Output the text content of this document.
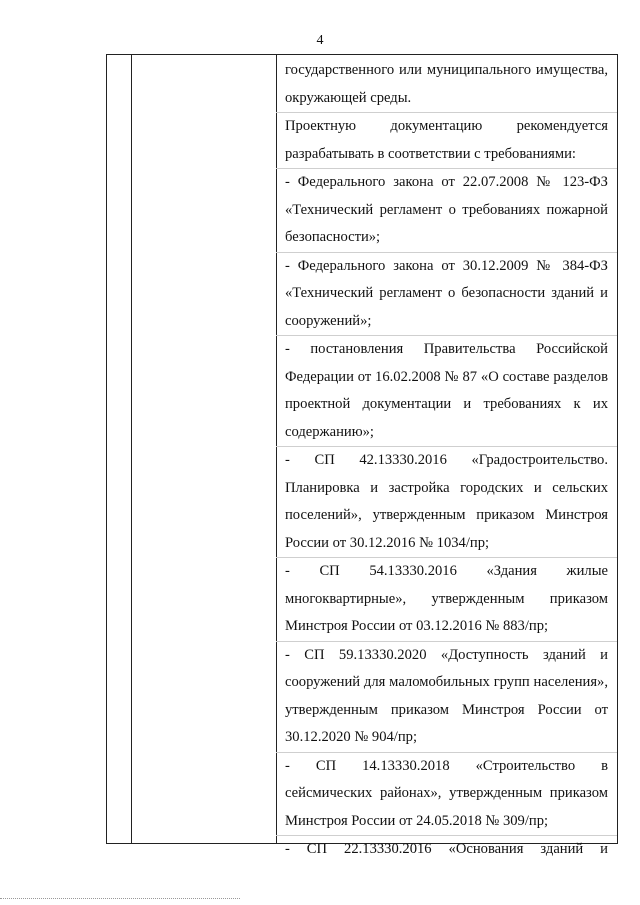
4

государственного или муниципального имущества, окружающей среды.

Проектную документацию рекомендуется разрабатывать в соответствии с требованиями:

- Федерального закона от 22.07.2008 № 123-ФЗ «Технический регламент о требованиях пожарной безопасности»;

- Федерального закона от 30.12.2009 № 384-ФЗ «Технический регламент о безопасности зданий и сооружений»;

- постановления Правительства Российской Федерации от 16.02.2008 № 87 «О составе разделов проектной документации и требованиях к их содержанию»;

- СП 42.13330.2016 «Градостроительство. Планировка и застройка городских и сельских поселений», утвержденным приказом Минстроя России от 30.12.2016 № 1034/пр;

- СП 54.13330.2016 «Здания жилые многоквартирные», утвержденным приказом Минстроя России от 03.12.2016 № 883/пр;

- СП 59.13330.2020 «Доступность зданий и сооружений для маломобильных групп населения», утвержденным приказом Минстроя России от 30.12.2020 № 904/пр;

- СП 14.13330.2018 «Строительство в сейсмических районах», утвержденным приказом Минстроя России от 24.05.2018 № 309/пр;

- СП 22.13330.2016 «Основания зданий и
